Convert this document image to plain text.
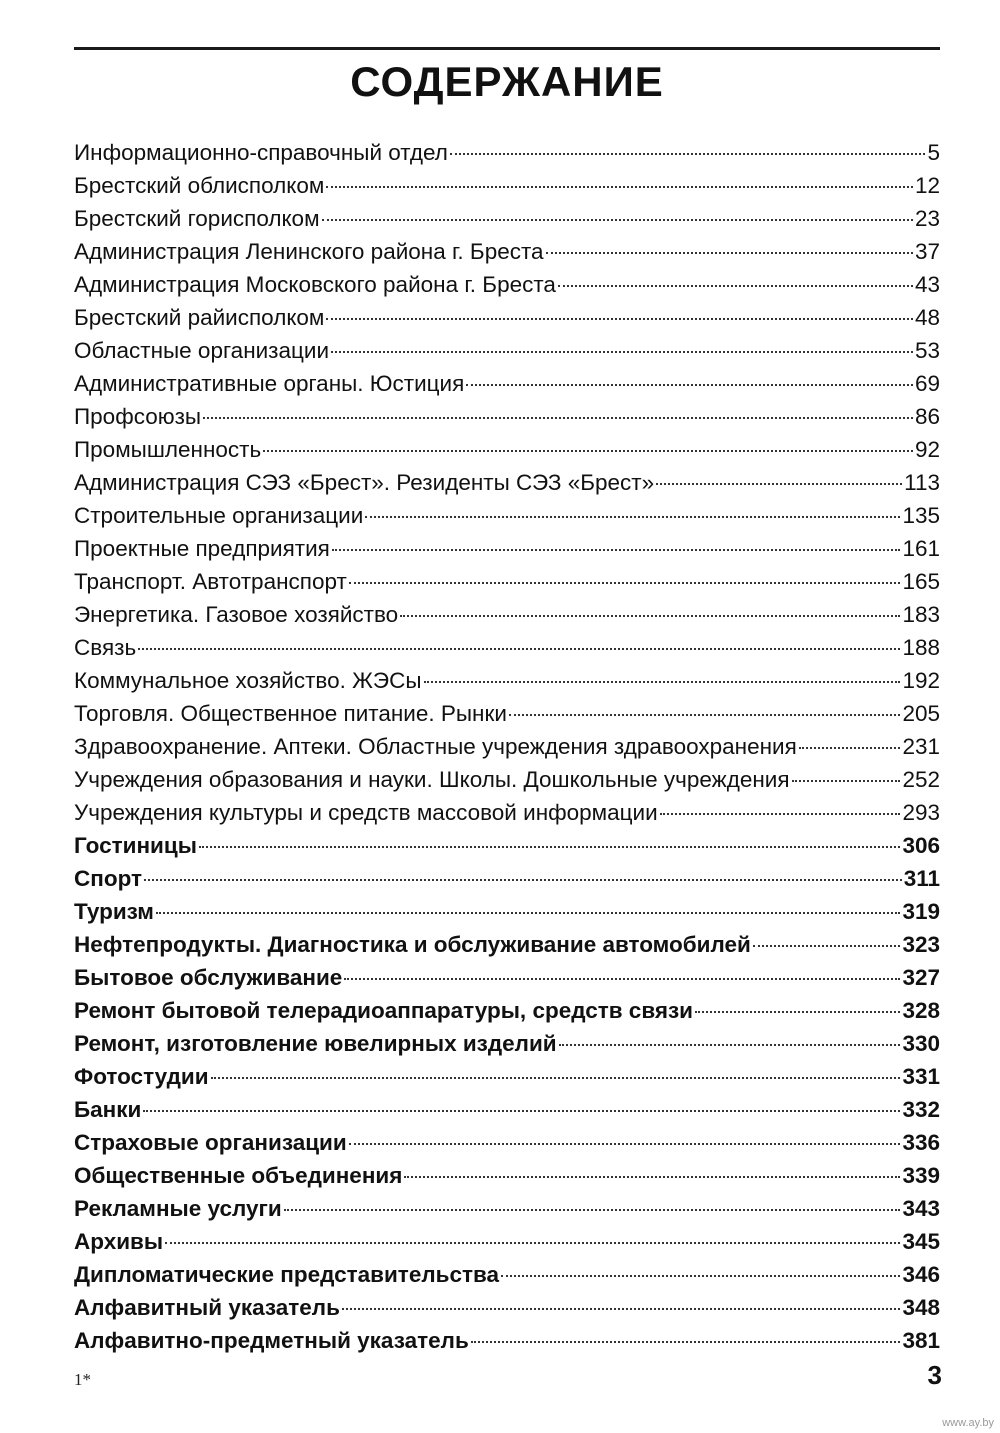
СОДЕРЖАНИЕ
Информационно-справочный отдел	5
Брестский облисполком	12
Брестский горисполком	23
Администрация Ленинского района г. Бреста	37
Администрация Московского района г. Бреста	43
Брестский райисполком	48
Областные организации	53
Административные органы. Юстиция	69
Профсоюзы	86
Промышленность	92
Администрация СЭЗ «Брест». Резиденты СЭЗ «Брест»	113
Строительные организации	135
Проектные предприятия	161
Транспорт. Автотранспорт	165
Энергетика. Газовое хозяйство	183
Связь	188
Коммунальное хозяйство. ЖЭСы	192
Торговля. Общественное питание. Рынки	205
Здравоохранение. Аптеки. Областные учреждения здравоохранения	231
Учреждения образования и науки. Школы. Дошкольные учреждения	252
Учреждения культуры и средств массовой информации	293
Гостиницы	306
Спорт	311
Туризм	319
Нефтепродукты. Диагностика и обслуживание автомобилей	323
Бытовое обслуживание	327
Ремонт бытовой телерадиоаппаратуры, средств связи	328
Ремонт, изготовление ювелирных изделий	330
Фотостудии	331
Банки	332
Страховые организации	336
Общественные объединения	339
Рекламные услуги	343
Архивы	345
Дипломатические представительства	346
Алфавитный указатель	348
Алфавитно-предметный указатель	381
1*	3
www.ay.by
